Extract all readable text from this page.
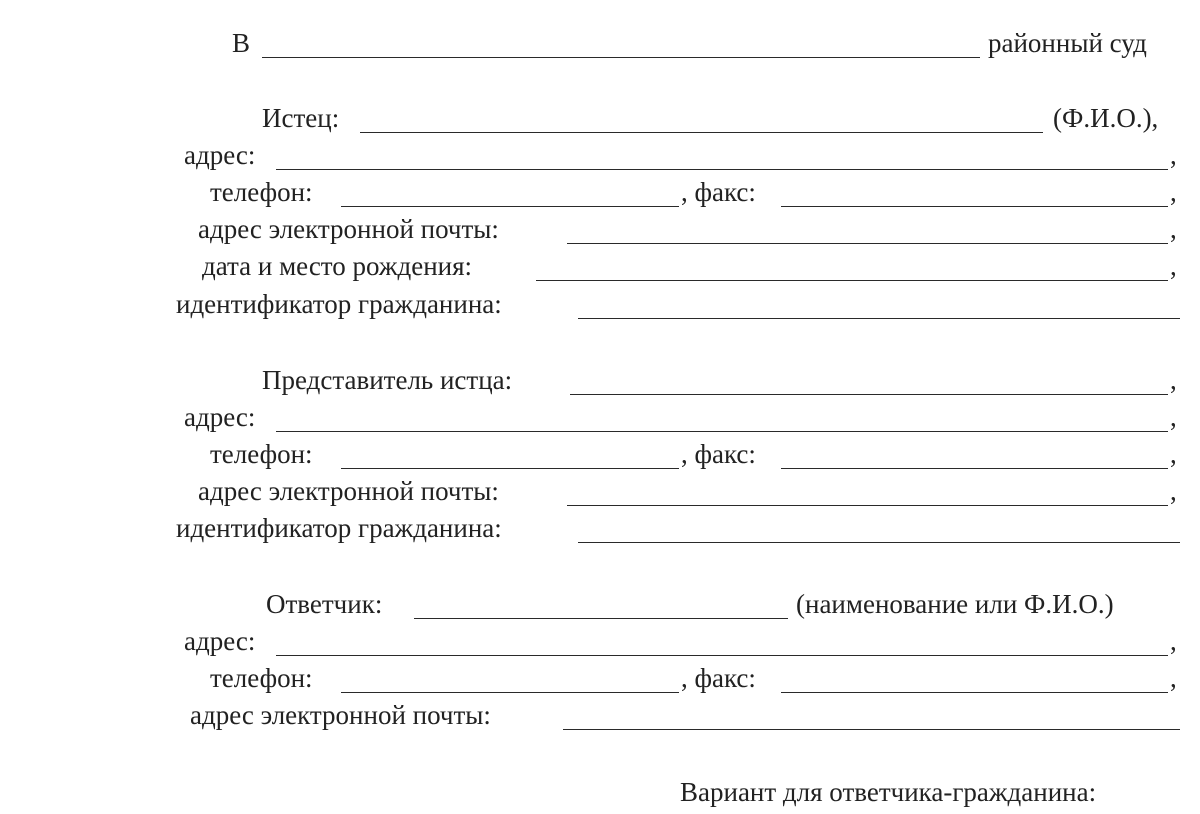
В	районный суд
Истец:	(Ф.И.О.),
адрес:	,
телефон:	, факс:	,
адрес электронной почты:	,
дата и место рождения:	,
идентификатор гражданина:
Представитель истца:	,
адрес:	,
телефон:	, факс:	,
адрес электронной почты:	,
идентификатор гражданина:
Ответчик:	(наименование или Ф.И.О.)
адрес:	,
телефон:	, факс:	,
адрес электронной почты:
Вариант для ответчика-гражданина:
